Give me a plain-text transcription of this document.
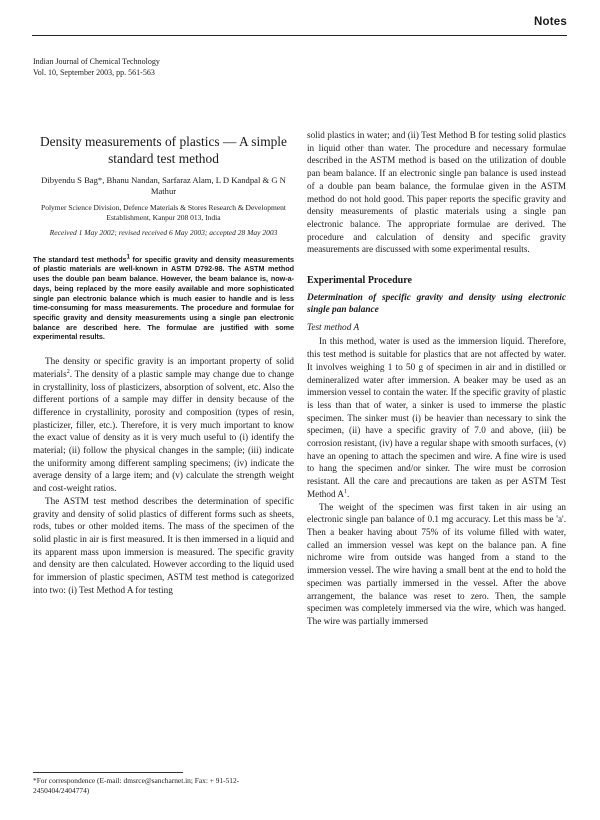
Notes
Indian Journal of Chemical Technology
Vol. 10, September 2003, pp. 561-563
Density measurements of plastics — A simple standard test method
Dibyendu S Bag*, Bhanu Nandan, Sarfaraz Alam, L D Kandpal & G N Mathur
Polymer Science Division, Defence Materials & Stores Research & Development Establishment, Kanpur 208 013, India
Received 1 May 2002; revised received 6 May 2003; accepted 28 May 2003
The standard test methods$^1$ for specific gravity and density measurements of plastic materials are well-known in ASTM D792-98. The ASTM method uses the double pan beam balance. However, the beam balance is, now-a-days, being replaced by the more easily available and more sophisticated single pan electronic balance which is much easier to handle and is less time-consuming for mass measurements. The procedure and formulae for specific gravity and density measurements using a single pan electronic balance are described here. The formulae are justified with some experimental results.

The density or specific gravity is an important property of solid materials$^2$. The density of a plastic sample may change due to change in crystallinity, loss of plasticizers, absorption of solvent, etc. Also the different portions of a sample may differ in density because of the difference in crystallinity, porosity and composition (types of resin, plasticizer, filler, etc.). Therefore, it is very much important to know the exact value of density as it is very much useful to (i) identify the material; (ii) follow the physical changes in the sample; (iii) indicate the uniformity among different sampling specimens; (iv) indicate the average density of a large item; and (v) calculate the strength weight and cost-weight ratios.

The ASTM test method describes the determination of specific gravity and density of solid plastics of different forms such as sheets, rods, tubes or other molded items. The mass of the specimen of the solid plastic in air is first measured. It is then immersed in a liquid and its apparent mass upon immersion is measured. The specific gravity and density are then calculated. However according to the liquid used for immersion of plastic specimen, ASTM test method is categorized into two: (i) Test Method A for testing

solid plastics in water; and (ii) Test Method B for testing solid plastics in liquid other than water. The procedure and necessary formulae described in the ASTM method is based on the utilization of double pan beam balance. If an electronic single pan balance is used instead of a double pan beam balance, the formulae given in the ASTM method do not hold good. This paper reports the specific gravity and density measurements of plastic materials using a single pan electronic balance. The appropriate formulae are derived. The procedure and calculation of density and specific gravity measurements are discussed with some experimental results.

Experimental Procedure
Determination of specific gravity and density using electronic single pan balance
Test method A

In this method, water is used as the immersion liquid. Therefore, this test method is suitable for plastics that are not affected by water. It involves weighing 1 to 50 g of specimen in air and in distilled or demineralized water after immersion. A beaker may be used as an immersion vessel to contain the water. If the specific gravity of plastic is less than that of water, a sinker is used to immerse the plastic specimen. The sinker must (i) be heavier than necessary to sink the specimen, (ii) have a specific gravity of 7.0 and above, (iii) be corrosion resistant, (iv) have a regular shape with smooth surfaces, (v) have an opening to attach the specimen and wire. A fine wire is used to hang the specimen and/or sinker. The wire must be corrosion resistant. All the care and precautions are taken as per ASTM Test Method $A^1$.

The weight of the specimen was first taken in air using an electronic single pan balance of 0.1 mg accuracy. Let this mass be 'a'. Then a beaker having about 75% of its volume filled with water, called an immersion vessel was kept on the balance pan. A fine nichrome wire from outside was hanged from a stand to the immersion vessel. The wire having a small bent at the end to hold the specimen was partially immersed in the vessel. After the above arrangement, the balance was reset to zero. Then, the sample specimen was completely immersed via the wire, which was hanged. The wire was partially immersed

*For correspondence (E-mail: dmsrce@sancharnet.in; Fax: + 91-512-2450404/2404774)
